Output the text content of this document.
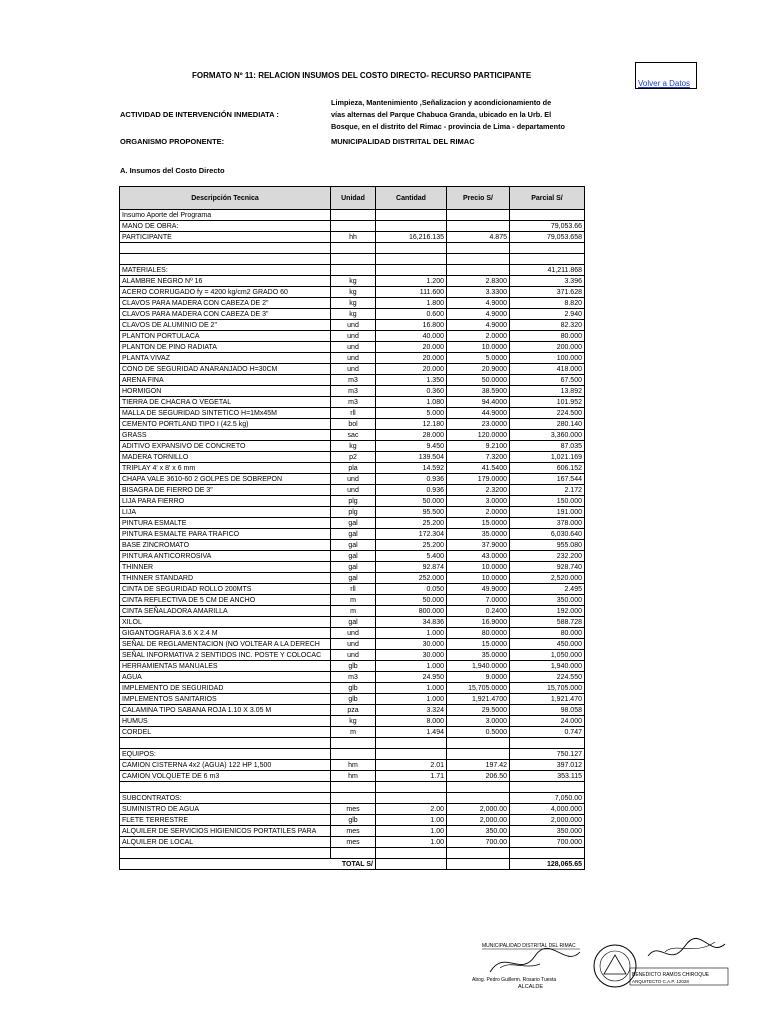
FORMATO Nº 11: RELACION INSUMOS DEL COSTO DIRECTO- RECURSO PARTICIPANTE
Volver a Datos
ACTIVIDAD DE INTERVENCIÓN INMEDIATA :
Limpieza, Mantenimiento ,Señalizacion y acondicionamiento de
vías alternas del Parque Chabuca Granda, ubicado en la Urb. El
Bosque, en el distrito del Rimac - provincia de Lima - departamento
ORGANISMO PROPONENTE:	MUNICIPALIDAD DISTRITAL DEL RIMAC
A. Insumos del Costo Directo
Descripción Tecnica	Unidad	Cantidad	Precio S/	Parcial S/
Insumo Aporte del Programa				
MANO DE OBRA:				79,053.66
PARTICIPANTE	hh	16,216.135	4.875	79,053.658

MATERIALES:				41,211.868
ALAMBRE NEGRO Nº 16	kg	1.200	2.8300	3.396
ACERO CORRUGADO fy = 4200 kg/cm2 GRADO 60	kg	111.600	3.3300	371.628
CLAVOS PARA MADERA CON CABEZA DE 2"	kg	1.800	4.9000	8.820
CLAVOS PARA MADERA CON CABEZA DE 3"	kg	0.600	4.9000	2.940
CLAVOS DE ALUMINIO DE 2"	und	16.800	4.9000	82.320
PLANTON PORTULACA	und	40.000	2.0000	80.000
PLANTON DE PINO RADIATA	und	20.000	10.0000	200.000
PLANTA VIVAZ	und	20.000	5.0000	100.000
CONO DE SEGURIDAD ANARANJADO H=30CM	und	20.000	20.9000	418.000
ARENA FINA	m3	1.350	50.0000	67.500
HORMIGON	m3	0.360	38.5900	13.892
TIERRA DE CHACRA O VEGETAL	m3	1.080	94.4000	101.952
MALLA DE SEGURIDAD SINTETICO H=1Mx45M	rll	5.000	44.9000	224.500
CEMENTO PORTLAND TIPO I (42.5 kg)	bol	12.180	23.0000	280.140
GRASS	sac	28.000	120.0000	3,360.000
ADITIVO EXPANSIVO DE CONCRETO	kg	9.450	9.2100	87.035
MADERA TORNILLO	p2	139.504	7.3200	1,021.169
TRIPLAY 4' x 8' x 6 mm	pla	14.592	41.5400	606.152
CHAPA VALE 3610-60 2 GOLPES DE SOBREPON	und	0.936	179.0000	167.544
BISAGRA DE FIERRO DE 3"	und	0.936	2.3200	2.172
LIJA PARA FIERRO	plg	50.000	3.0000	150.000
LIJA	plg	95.500	2.0000	191.000
PINTURA ESMALTE	gal	25.200	15.0000	378.000
PINTURA ESMALTE PARA TRAFICO	gal	172.304	35.0000	6,030.640
BASE ZINCROMATO	gal	25.200	37.9000	955.080
PINTURA ANTICORROSIVA	gal	5.400	43.0000	232.200
THINNER	gal	92.874	10.0000	928.740
THINNER STANDARD	gal	252.000	10.0000	2,520.000
CINTA DE SEGURIDAD ROLLO 200MTS	rll	0.050	49.9000	2.495
CINTA REFLECTIVA DE 5 CM DE ANCHO	m	50.000	7.0000	350.000
CINTA SEÑALADORA AMARILLA	m	800.000	0.2400	192.000
XILOL	gal	34.836	16.9000	588.728
GIGANTOGRAFIA 3.6 X 2.4 M	und	1.000	80.0000	80.000
SEÑAL DE REGLAMENTACION (NO VOLTEAR A LA DERECH	und	30.000	15.0000	450.000
SEÑAL INFORMATIVA 2 SENTIDOS INC. POSTE Y COLOCAC	und	30.000	35.0000	1,050.000
HERRAMIENTAS MANUALES	glb	1.000	1,940.0000	1,940.000
AGUA	m3	24.950	9.0000	224.550
IMPLEMENTO DE SEGURIDAD	glb	1.000	15,705.0000	15,705.000
IMPLEMENTOS SANITARIOS	glb	1.000	1,921.4700	1,921.470
CALAMINA TIPO SABANA ROJA 1.10 X 3.05 M	pza	3.324	29.5000	98.058
HUMUS	kg	8.000	3.0000	24.000
CORDEL	m	1.494	0.5000	0.747

EQUIPOS:				750.127
CAMION CISTERNA 4x2 (AGUA) 122 HP 1,500	hm	2.01	197.42	397.012
CAMION VOLQUETE DE 6 m3	hm	1.71	206.50	353.115

SUBCONTRATOS:				7,050.00
SUMINISTRO DE AGUA	mes	2.00	2,000.00	4,000.000
FLETE TERRESTRE	glb	1.00	2,000.00	2,000.000
ALQUILER DE SERVICIOS HIGIENICOS PORTATILES PARA	mes	1.00	350.00	350.000
ALQUILER DE LOCAL	mes	1.00	700.00	700.000

TOTAL S/				128,065.65
MUNICIPALIDAD DISTRITAL DEL RIMAC
Abog. Pedro Guillerm. Rosario Tuesta
ALCALDE
BENEDICTO RAMOS CHIROQUE
ARQUITECTO C.A.P. 12028
